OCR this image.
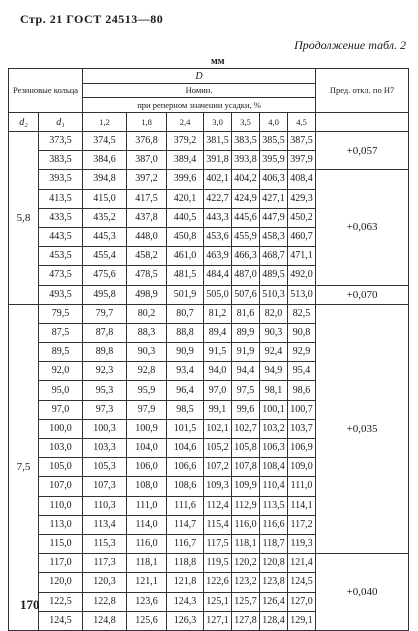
Стр. 21 ГОСТ 24513—80
Продолжение табл. 2
мм
Резиновые кольца		D							Пред. откл. по Н7
		Номин.							
		при реперном значении усадки, %							
d₂	d₁	1,2	1,8	2,4	3,0	3,5	4,0	4,5	
5,8	373,5	374,5	376,8	379,2	381,5	383,5	385,5	387,5	+0,057
	383,5	384,6	387,0	389,4	391,8	393,8	395,9	397,9	
	393,5	394,8	397,2	399,6	402,1	404,2	406,3	408,4	+0,063
	413,5	415,0	417,5	420,1	422,7	424,9	427,1	429,3	
	433,5	435,2	437,8	440,5	443,3	445,6	447,9	450,2	
	443,5	445,3	448,0	450,8	453,6	455,9	458,3	460,7	
	453,5	455,4	458,2	461,0	463,9	466,3	468,7	471,1	
	473,5	475,6	478,5	481,5	484,4	487,0	489,5	492,0	
	493,5	495,8	498,9	501,9	505,0	507,6	510,3	513,0	+0,070
7,5	79,5	79,7	80,2	80,7	81,2	81,6	82,0	82,5	+0,035
	87,5	87,8	88,3	88,8	89,4	89,9	90,3	90,8	
	89,5	89,8	90,3	90,9	91,5	91,9	92,4	92,9	
	92,0	92,3	92,8	93,4	94,0	94,4	94,9	95,4	
	95,0	95,3	95,9	96,4	97,0	97,5	98,1	98,6	
	97,0	97,3	97,9	98,5	99,1	99,6	100,1	100,7	
	100,0	100,3	100,9	101,5	102,1	102,7	103,2	103,7	
	103,0	103,3	104,0	104,6	105,2	105,8	106,3	106,9	
	105,0	105,3	106,0	106,6	107,2	107,8	108,4	109,0	
	107,0	107,3	108,0	108,6	109,3	109,9	110,4	111,0	
	110,0	110,3	111,0	111,6	112,4	112,9	113,5	114,1	
	113,0	113,4	114,0	114,7	115,4	116,0	116,6	117,2	
	115,0	115,3	116,0	116,7	117,5	118,1	118,7	119,3	
	117,0	117,3	118,1	118,8	119,5	120,2	120,8	121,4	+0,040
	120,0	120,3	121,1	121,8	122,6	123,2	123,8	124,5	
	122,5	122,8	123,6	124,3	125,1	125,7	126,4	127,0	
	124,5	124,8	125,6	126,3	127,1	127,8	128,4	129,1	
170
